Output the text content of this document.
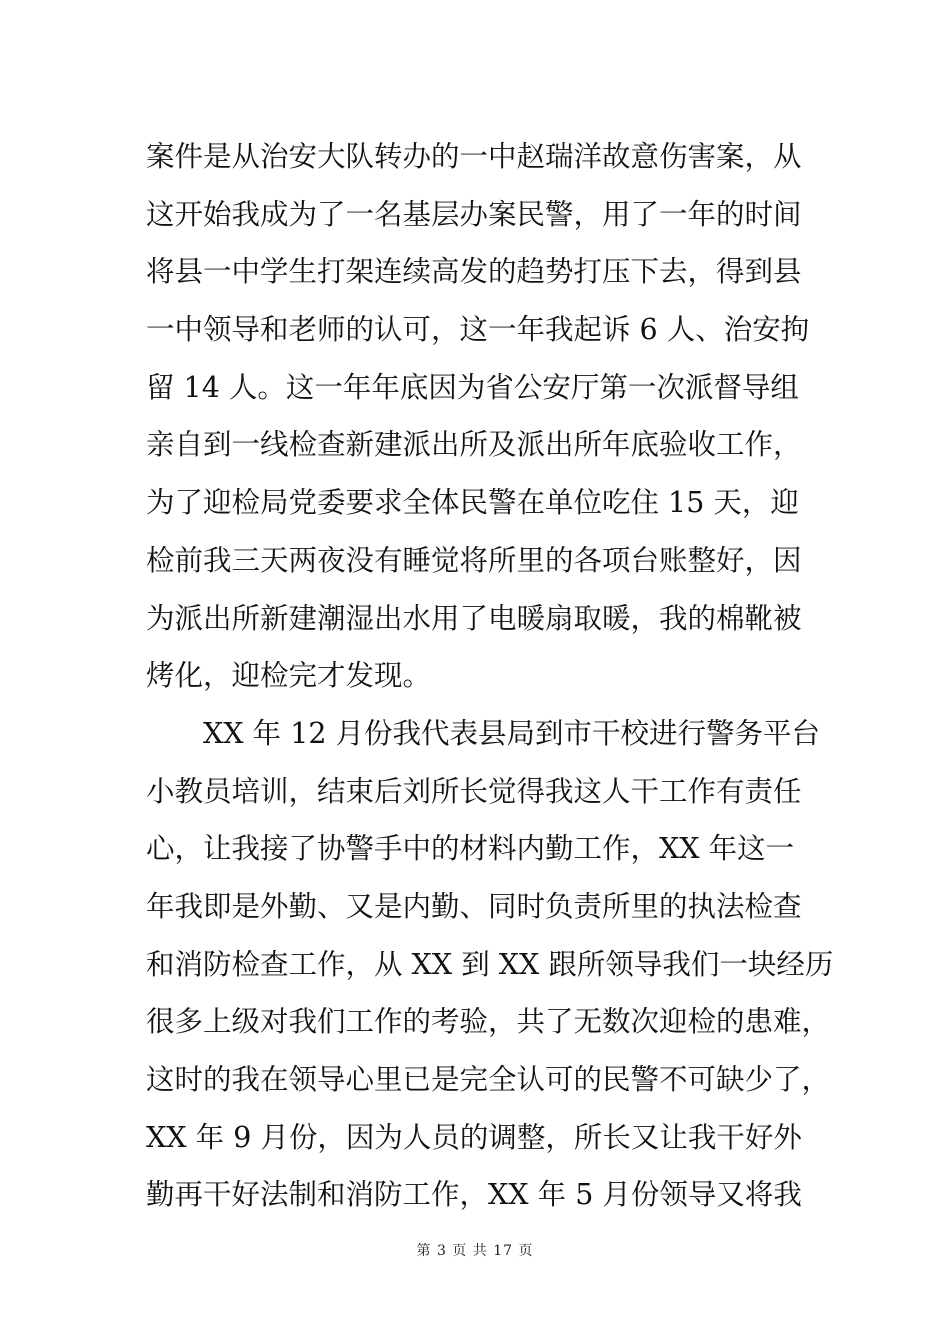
案件是从治安大队转办的一中赵瑞洋故意伤害案，从
这开始我成为了一名基层办案民警，用了一年的时间
将县一中学生打架连续高发的趋势打压下去，得到县
一中领导和老师的认可，这一年我起诉 6 人、治安拘
留 14 人。这一年年底因为省公安厅第一次派督导组
亲自到一线检查新建派出所及派出所年底验收工作，
为了迎检局党委要求全体民警在单位吃住 15 天，迎
检前我三天两夜没有睡觉将所里的各项台账整好，因
为派出所新建潮湿出水用了电暖扇取暖，我的棉靴被
烤化，迎检完才发现。
　　XX 年 12 月份我代表县局到市干校进行警务平台
小教员培训，结束后刘所长觉得我这人干工作有责任
心，让我接了协警手中的材料内勤工作，XX 年这一
年我即是外勤、又是内勤、同时负责所里的执法检查
和消防检查工作，从 XX 到 XX 跟所领导我们一块经历
很多上级对我们工作的考验，共了无数次迎检的患难，
这时的我在领导心里已是完全认可的民警不可缺少了，
XX 年 9 月份，因为人员的调整，所长又让我干好外
勤再干好法制和消防工作，XX 年 5 月份领导又将我
第 3 页 共 17 页
